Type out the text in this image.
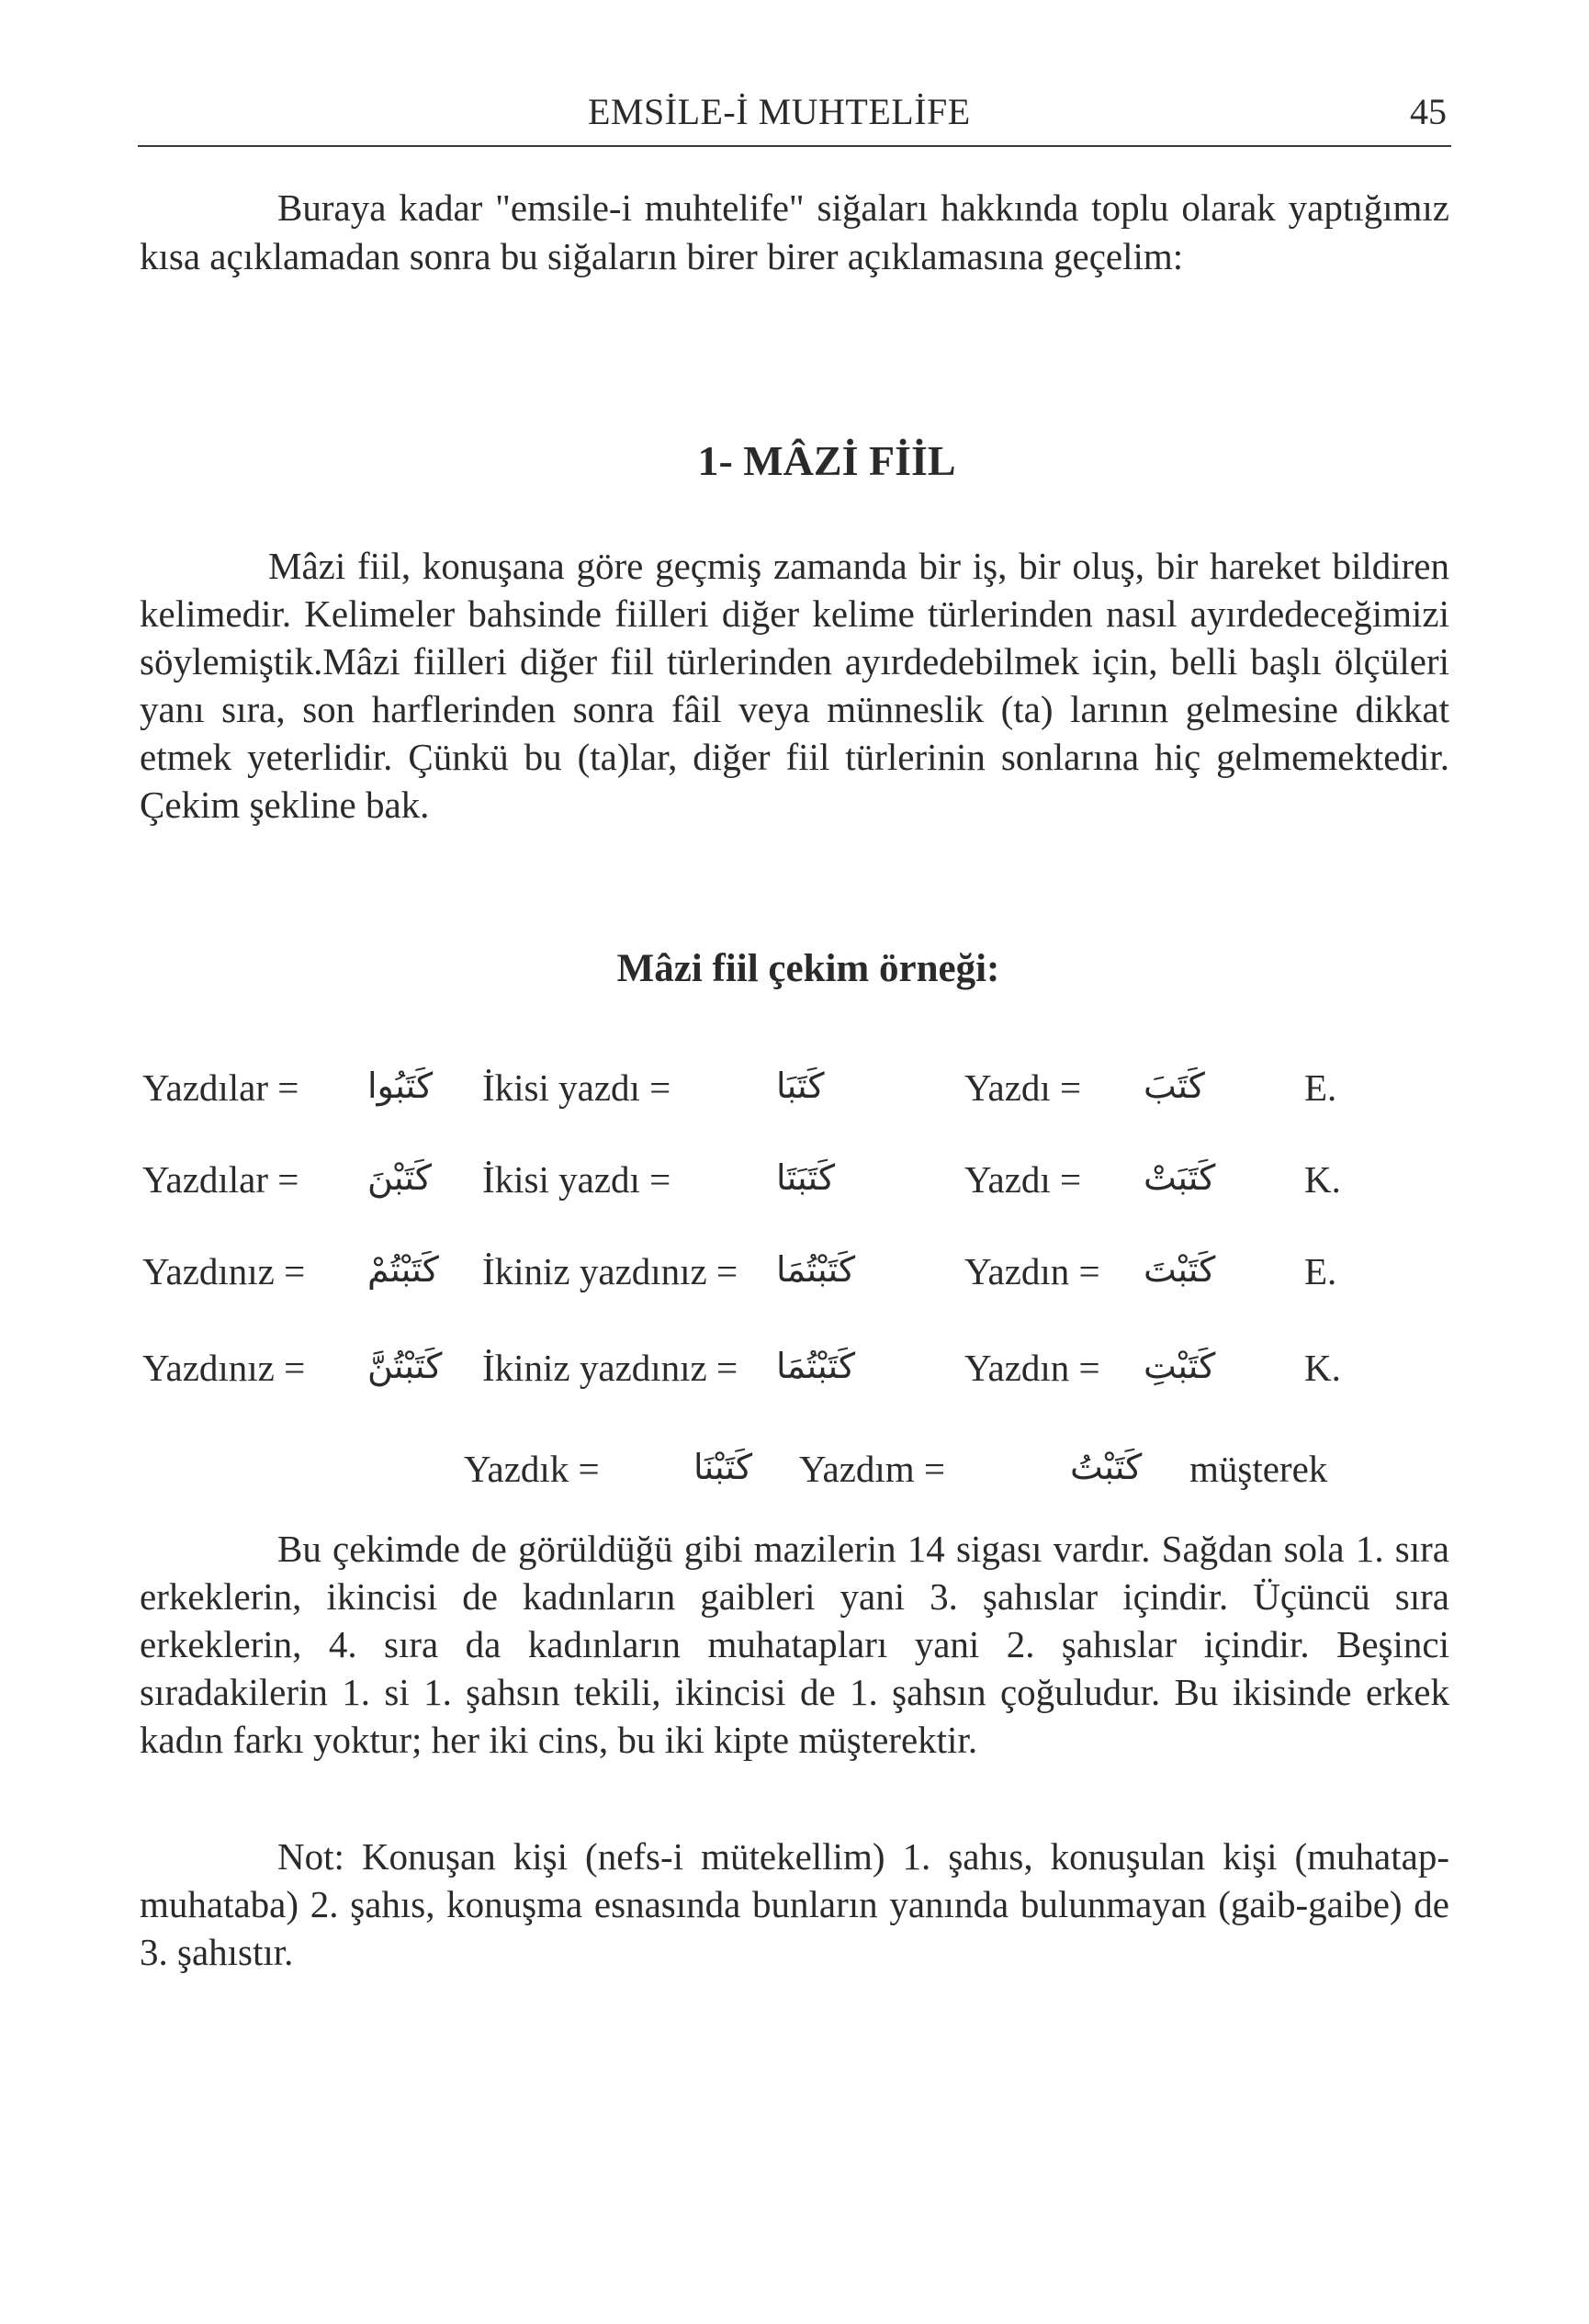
EMSİLE-İ MUHTELİFE	45

Buraya kadar "emsile-i muhtelife" siğaları hakkında toplu olarak yaptığımız kısa açıklamadan sonra bu siğaların birer birer açıklamasına geçelim:

1- MÂZİ FİİL

Mâzi fiil, konuşana göre geçmiş zamanda bir iş, bir oluş, bir hareket bildiren kelimedir. Kelimeler bahsinde fiilleri diğer kelime türlerinden nasıl ayırdedeceğimizi söylemiştik.Mâzi fiilleri diğer fiil türlerinden ayırdedebilmek için, belli başlı ölçüleri yanı sıra, son harflerinden sonra fâil veya münneslik (ta) larının gelmesine dikkat etmek yeterlidir. Çünkü bu (ta)lar, diğer fiil türlerinin sonlarına hiç gelmemektedir. Çekim şekline bak.

Mâzi fiil çekim örneği:
Yazdılar = كَتَبُوا İkisi yazdı =	كَتَبَا	Yazdı = كَتَبَ	E.
Yazdılar = كَتَبْنَ İkisi yazdı =	كَتَبَتَا	Yazdı = كَتَبَتْ K.
Yazdınız = كَتَبْتُمْ İkiniz yazdınız = كَتَبْتُمَا	Yazdın = كَتَبْتَ E.
Yazdınız = كَتَبْتُنَّ İkiniz yazdınız = كَتَبْتُمَا	Yazdın = كَتَبْتِ K.
Yazdık =	كَتَبْنَا Yazdım =	كَتَبْتُ müşterek

Bu çekimde de görüldüğü gibi mazilerin 14 sigası vardır. Sağdan sola 1. sıra erkeklerin, ikincisi de kadınların gaibleri yani 3. şahıslar içindir. Üçüncü sıra erkeklerin, 4. sıra da kadınların muhatapları yani 2. şahıslar içindir. Beşinci sıradakilerin 1. si 1. şahsın tekili, ikincisi de 1. şahsın çoğuludur. Bu ikisinde erkek kadın farkı yoktur; her iki cins, bu iki kipte müşterektir.

Not: Konuşan kişi (nefs-i mütekellim) 1. şahıs, konuşulan kişi (muhatap-muhataba) 2. şahıs, konuşma esnasında bunların yanında bulunmayan (gaib-gaibe) de 3. şahıstır.
